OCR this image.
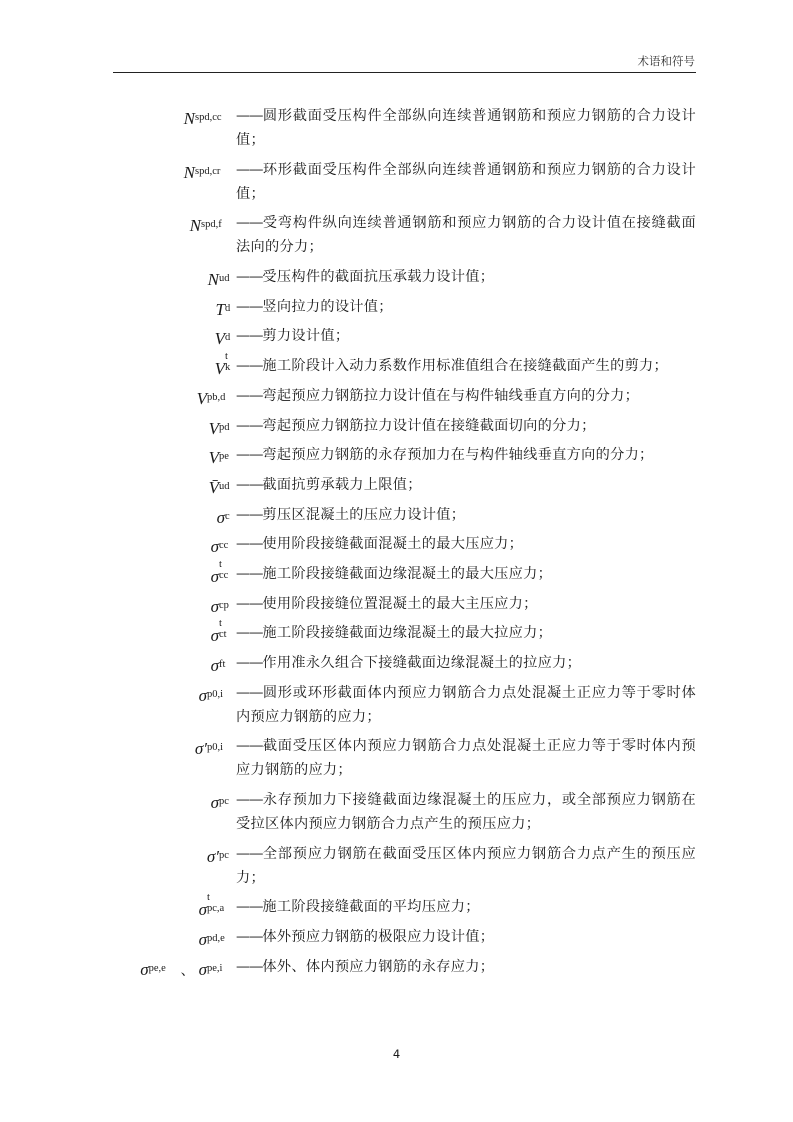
术语和符号
N spd,cc ——圆形截面受压构件全部纵向连续普通钢筋和预应力钢筋的合力设计值；
N spd,cr ——环形截面受压构件全部纵向连续普通钢筋和预应力钢筋的合力设计值；
N spd,f ——受弯构件纵向连续普通钢筋和预应力钢筋的合力设计值在接缝截面法向的分力；
N ud ——受压构件的截面抗压承载力设计值；
T d ——竖向拉力的设计值；
V d ——剪力设计值；
V
t
k ——施工阶段计入动力系数作用标准值组合在接缝截面产生的剪力；
V pb,d ——弯起预应力钢筋拉力设计值在与构件轴线垂直方向的分力；
V pd ——弯起预应力钢筋拉力设计值在接缝截面切向的分力；
V pe ——弯起预应力钢筋的永存预加力在与构件轴线垂直方向的分力；
V̄ ud ——截面抗剪承载力上限值；
σ c ——剪压区混凝土的压应力设计值；
σ cc ——使用阶段接缝截面混凝土的最大压应力；
σ
t
cc ——施工阶段接缝截面边缘混凝土的最大压应力；
σ cp ——使用阶段接缝位置混凝土的最大主压应力；
σ
t
ct ——施工阶段接缝截面边缘混凝土的最大拉应力；
σ ft ——作用准永久组合下接缝截面边缘混凝土的拉应力；
σ p0,i ——圆形或环形截面体内预应力钢筋合力点处混凝土正应力等于零时体内预应力钢筋的应力；
σ′ p0,i ——截面受压区体内预应力钢筋合力点处混凝土正应力等于零时体内预应力钢筋的应力；
σ pc ——永存预加力下接缝截面边缘混凝土的压应力，或全部预应力钢筋在受拉区体内预应力钢筋合力点产生的预压应力；
σ′ pc ——全部预应力钢筋在截面受压区体内预应力钢筋合力点产生的预压应力；
σ
t
pc,a ——施工阶段接缝截面的平均压应力；
σ pd,e ——体外预应力钢筋的极限应力设计值；
σ pe,e 、 σ pe,i ——体外、体内预应力钢筋的永存应力；
4
